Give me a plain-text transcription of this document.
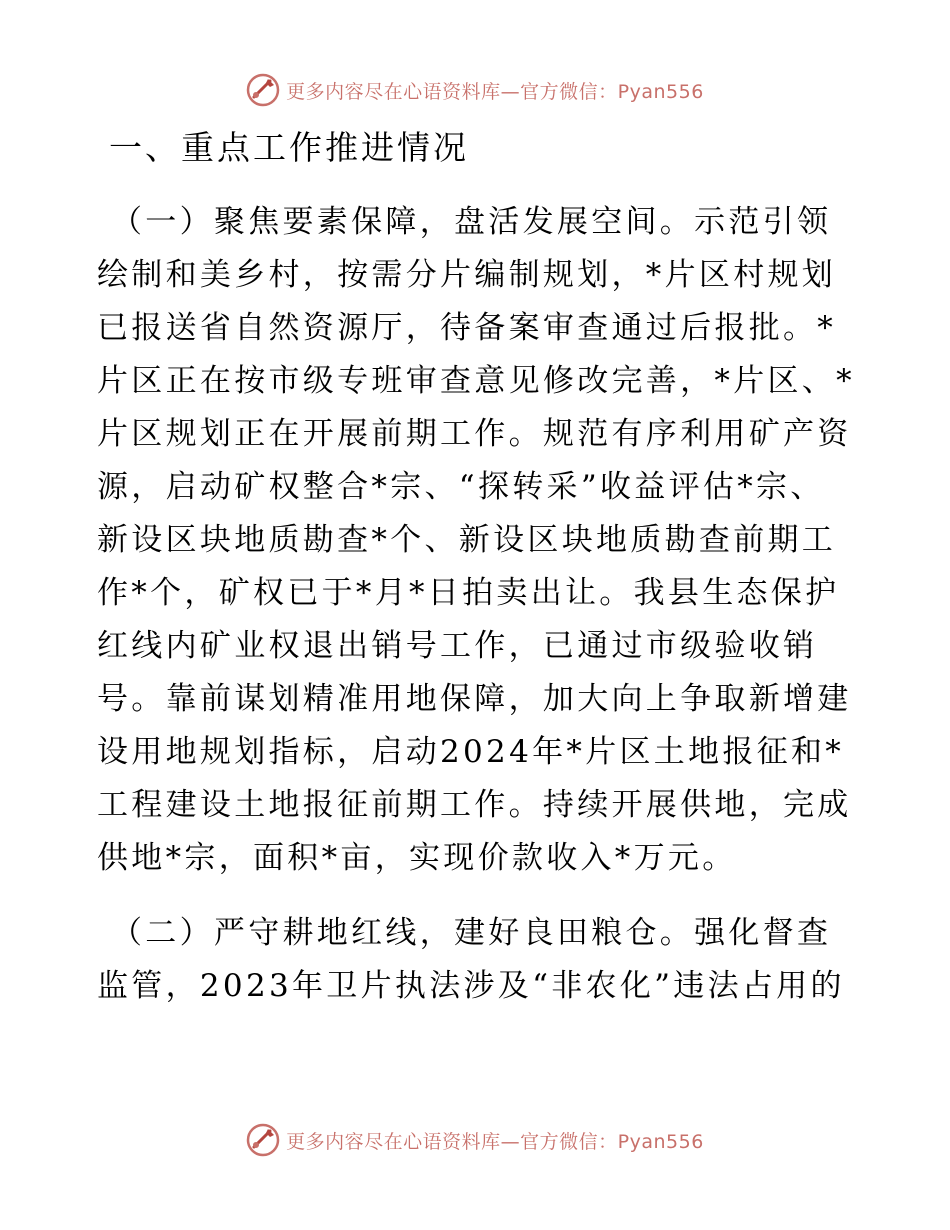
更多内容尽在心语资料库—官方微信：Pyan556
一、重点工作推进情况
（一）聚焦要素保障，盘活发展空间。示范引领
绘制和美乡村，按需分片编制规划，*片区村规划
已报送省自然资源厅，待备案审查通过后报批。*
片区正在按市级专班审查意见修改完善，*片区、*
片区规划正在开展前期工作。规范有序利用矿产资
源，启动矿权整合*宗、“探转采”收益评估*宗、
新设区块地质勘查*个、新设区块地质勘查前期工
作*个，矿权已于*月*日拍卖出让。我县生态保护
红线内矿业权退出销号工作，已通过市级验收销
号。靠前谋划精准用地保障，加大向上争取新增建
设用地规划指标，启动2024年*片区土地报征和*
工程建设土地报征前期工作。持续开展供地，完成
供地*宗，面积*亩，实现价款收入*万元。
（二）严守耕地红线，建好良田粮仓。强化督查
监管，2023年卫片执法涉及“非农化”违法占用的
更多内容尽在心语资料库—官方微信：Pyan556
